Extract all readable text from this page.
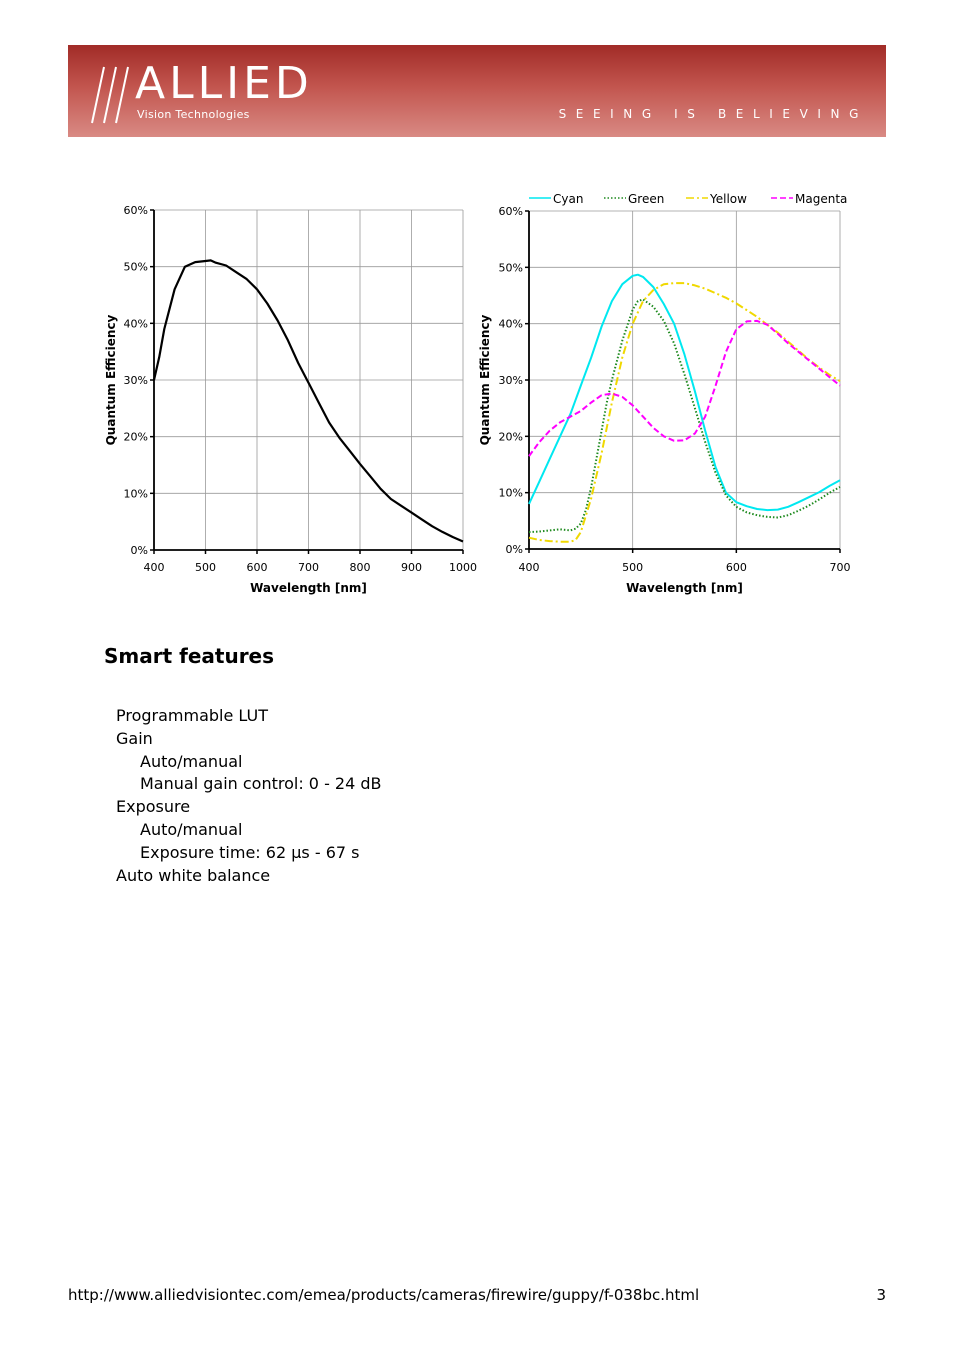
ALLIED
Vision Technologies	SEEING IS BELIEVING
400	500	600	700	800	900 1000
0%
10%
20%
30%
40%
50%
60%
Wavelength [nm]
Quantum Efficiency
400	500	600	700
0%
10%
20%
30%
40%
50%
60%
Wavelength [nm]
Quantum Efficiency
Cyan	Green	Yellow	Magenta
Smart features
Programmable LUT
Gain
Auto/manual
Manual gain control: 0 - 24 dB
Exposure
Auto/manual
Exposure time: 62 µs - 67 s
Auto white balance
http://www.alliedvisiontec.com/emea/products/cameras/firewire/guppy/f-038bc.html	3
